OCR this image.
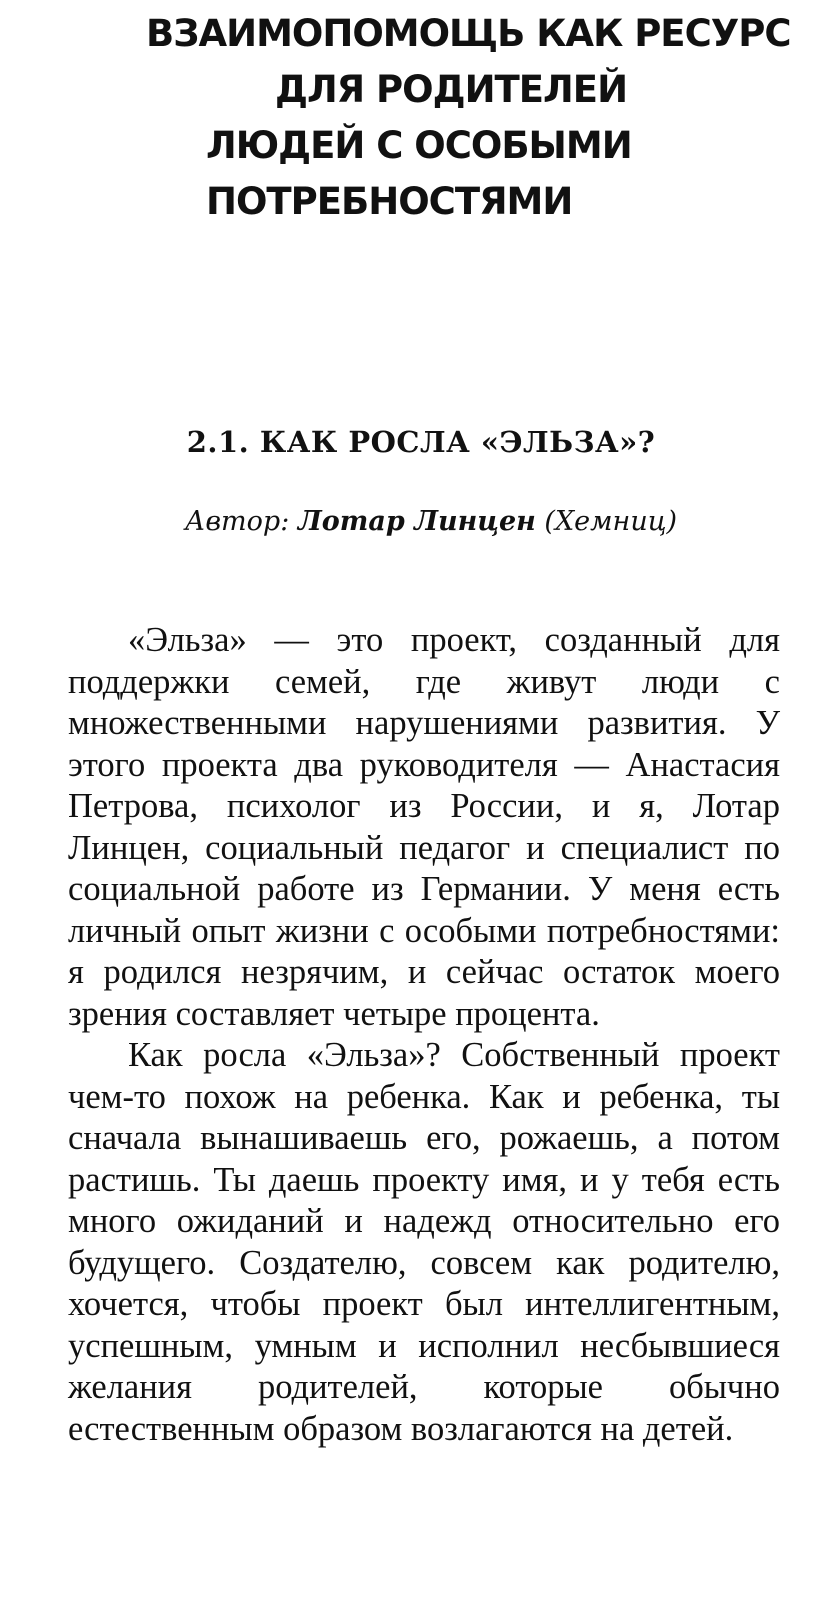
ВЗАИМОПОМОЩЬ КАК РЕСУРС
ДЛЯ РОДИТЕЛЕЙ
ЛЮДЕЙ С ОСОБЫМИ
ПОТРЕБНОСТЯМИ
2.1. КАК РОСЛА «ЭЛЬЗА»?

Автор: Лотар Линцен (Хемниц)

«Эльза» — это проект, созданный для поддержки семей, где живут люди с множественными нарушениями развития. У этого проекта два руководителя — Анастасия Петрова, психолог из России, и я, Лотар Линцен, социальный педагог и специалист по социальной работе из Германии. У меня есть личный опыт жизни с особыми потребностями: я родился незрячим, и сейчас остаток моего зрения составляет четыре процента.

Как росла «Эльза»? Собственный проект чем-то похож на ребенка. Как и ребенка, ты сначала вынашиваешь его, рожаешь, а потом растишь. Ты даешь проекту имя, и у тебя есть много ожиданий и надежд относительно его будущего. Создателю, совсем как родителю, хочется, чтобы проект был интеллигентным, успешным, умным и исполнил несбывшиеся желания родителей, которые обычно естественным образом возлагаются на детей.
